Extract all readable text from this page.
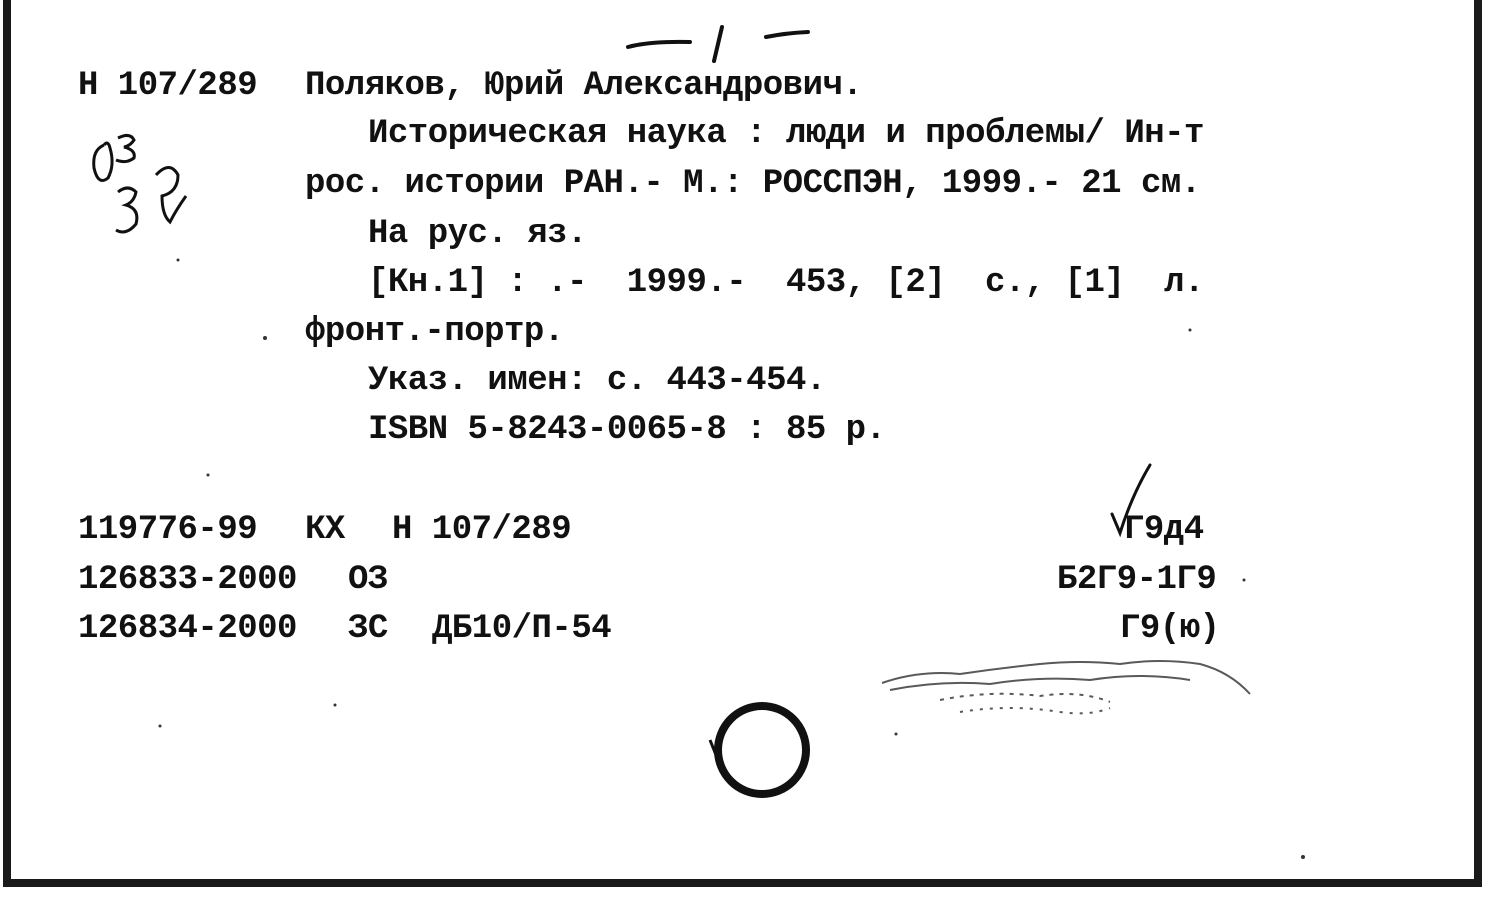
Н 107/289 Поляков, Юрий Александрович.
Историческая наука : люди и проблемы/ Ин-т
рос. истории РАН.- М.: РОССПЭН, 1999.- 21 см.
На рус. яз.
[Кн.1] : .-  1999.-  453, [2]  с., [1]  л.
фронт.-портр.
Указ. имен: с. 443-454.
ISBN 5-8243-0065-8 : 85 р.
119776-99 КХ Н 107/289
126833-2000 ОЗ
126834-2000 ЗС ДБ10/П-54
Г9д4
Б2Г9-1Г9
Г9(ю)
